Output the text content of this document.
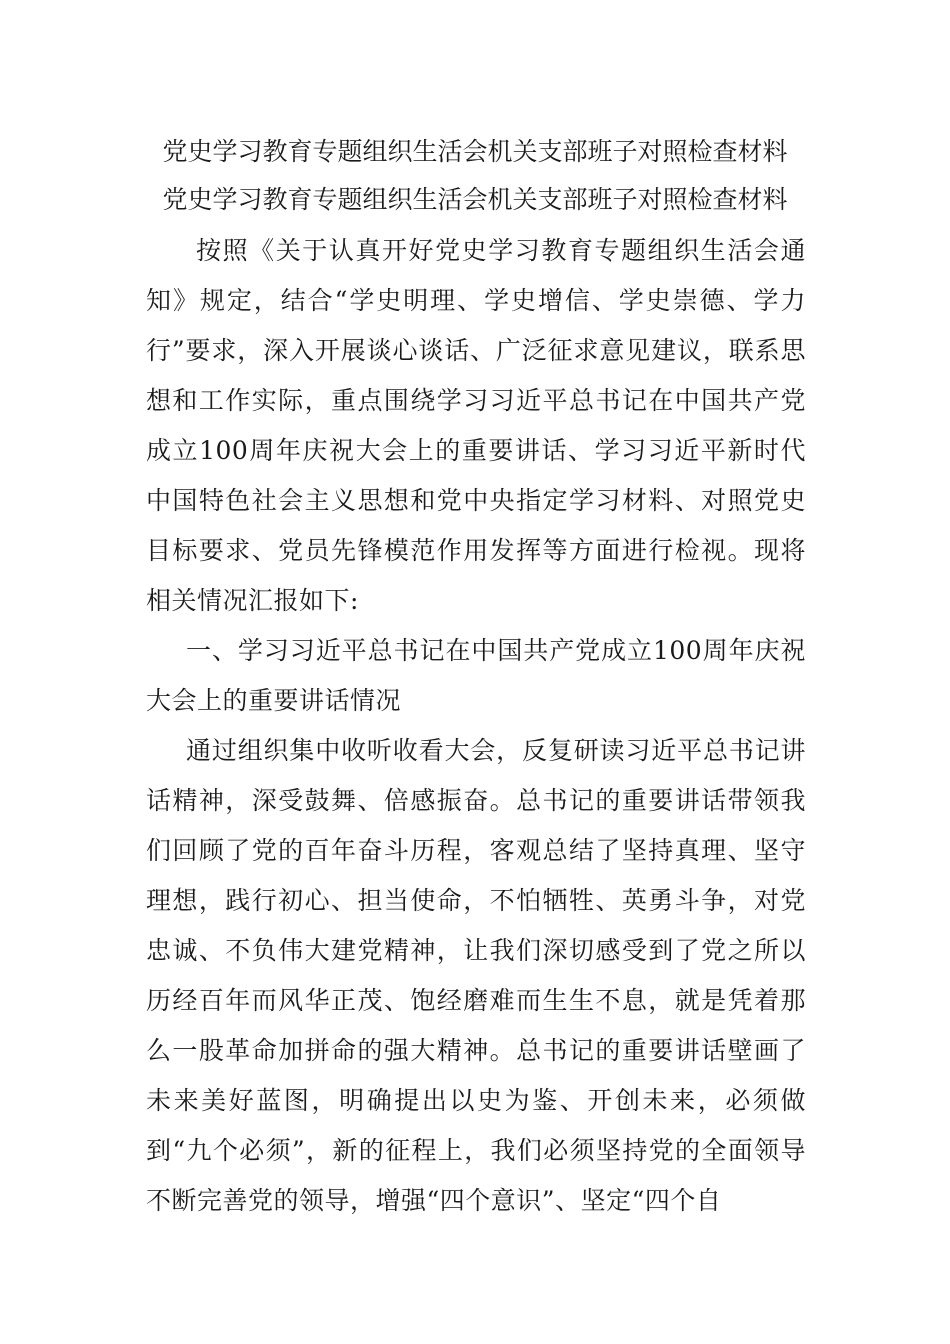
党史学习教育专题组织生活会机关支部班子对照检查材料
党史学习教育专题组织生活会机关支部班子对照检查材料

按照《关于认真开好党史学习教育专题组织生活会通知》规定，结合“学史明理、学史增信、学史崇德、学力行”要求，深入开展谈心谈话、广泛征求意见建议，联系思想和工作实际，重点围绕学习习近平总书记在中国共产党成立100周年庆祝大会上的重要讲话、学习习近平新时代中国特色社会主义思想和党中央指定学习材料、对照党史目标要求、党员先锋模范作用发挥等方面进行检视。现将相关情况汇报如下:

一、学习习近平总书记在中国共产党成立100周年庆祝大会上的重要讲话情况

通过组织集中收听收看大会，反复研读习近平总书记讲话精神，深受鼓舞、倍感振奋。总书记的重要讲话带领我们回顾了党的百年奋斗历程，客观总结了坚持真理、坚守理想，践行初心、担当使命，不怕牺牲、英勇斗争，对党忠诚、不负伟大建党精神，让我们深切感受到了党之所以历经百年而风华正茂、饱经磨难而生生不息，就是凭着那么一股革命加拼命的强大精神。总书记的重要讲话壁画了未来美好蓝图，明确提出以史为鉴、开创未来，必须做到“九个必须”，新的征程上，我们必须坚持党的全面领导不断完善党的领导，增强“四个意识”、坚定“四个自
